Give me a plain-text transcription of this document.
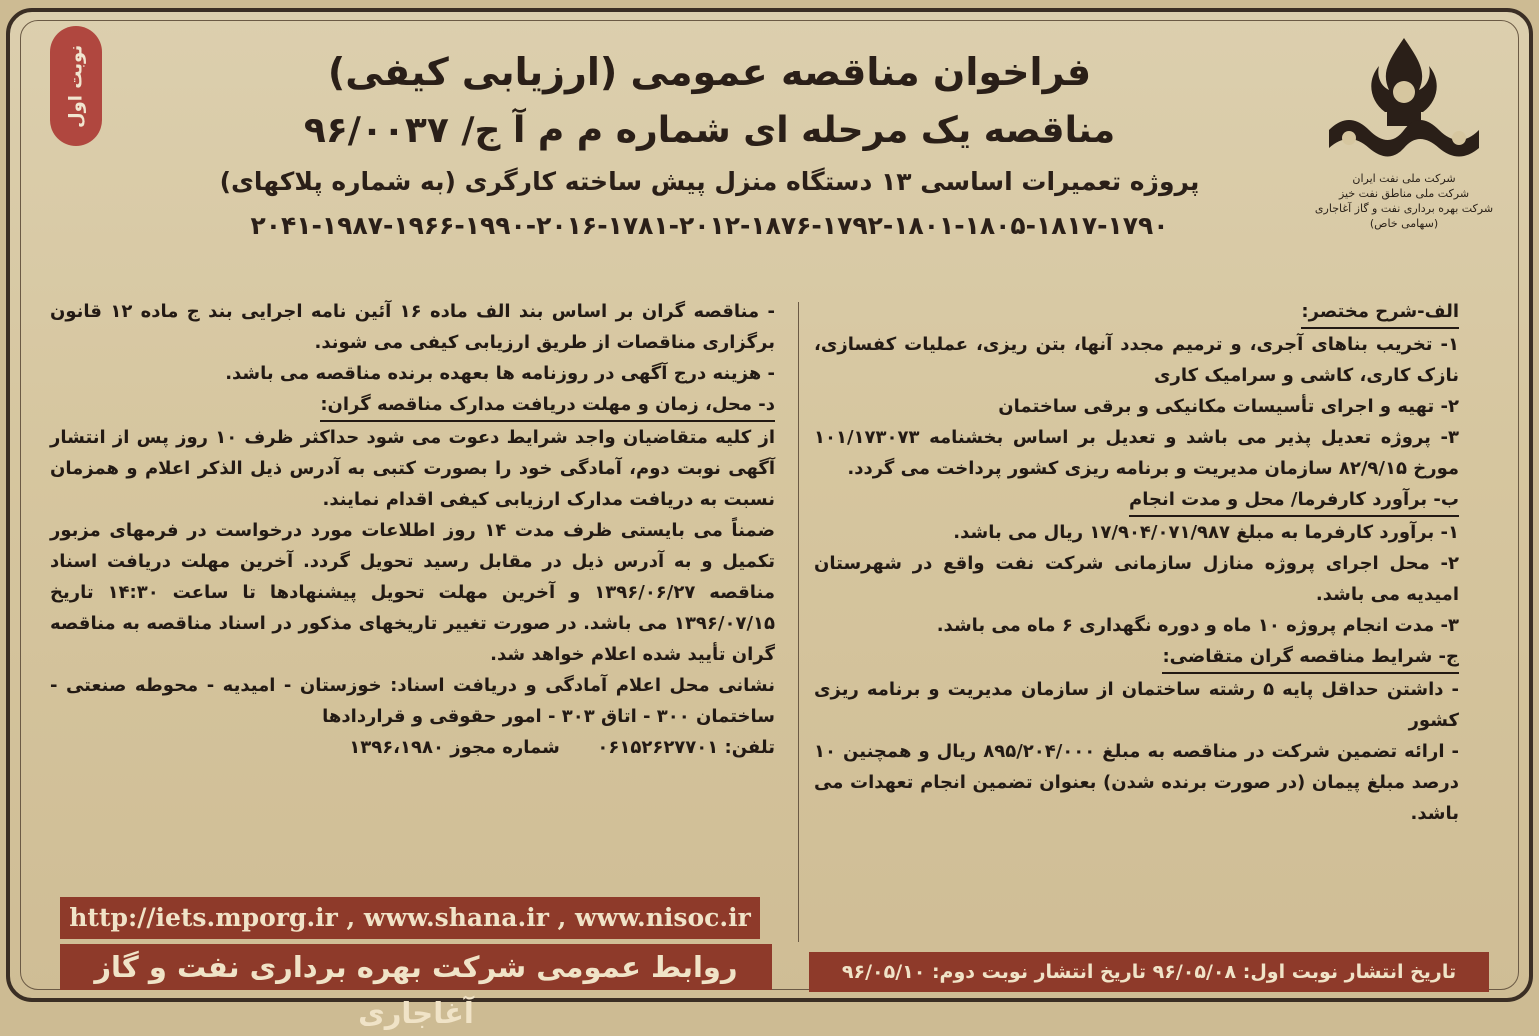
نوبت اول
شرکت ملی نفت ایران
شرکت ملی مناطق نفت خیز
شرکت بهره برداری نفت و گاز آغاجاری
(سهامی خاص)
فراخوان مناقصه عمومی (ارزیابی کیفی)
مناقصه یک مرحله ای شماره م م آ ج/ ۹۶/۰۰۳۷
پروژه تعمیرات اساسی ۱۳ دستگاه منزل پیش ساخته کارگری (به شماره پلاکهای)
۲۰۴۱-۱۹۸۷-۱۹۶۶-۱۹۹۰-۲۰۱۶-۱۷۸۱-۲۰۱۲-۱۸۷۶-۱۷۹۲-۱۸۰۱-۱۸۰۵-۱۸۱۷-۱۷۹۰

الف-شرح مختصر:

۱- تخریب بناهای آجری، و ترمیم مجدد آنها، بتن ریزی، عملیات کفسازی، نازک کاری، کاشی و سرامیک کاری

۲- تهیه و اجرای تأسیسات مکانیکی و برقی ساختمان

۳- پروژه تعدیل پذیر می باشد و تعدیل بر اساس بخشنامه ۱۰۱/۱۷۳۰۷۳ مورخ ۸۲/۹/۱۵ سازمان مدیریت و برنامه ریزی کشور پرداخت می گردد.

ب- برآورد کارفرما/ محل و مدت انجام

۱- برآورد کارفرما به مبلغ ۱۷/۹۰۴/۰۷۱/۹۸۷ ریال می باشد.

۲- محل اجرای پروژه منازل سازمانی شرکت نفت واقع در شهرستان امیدیه می باشد.

۳- مدت انجام پروژه ۱۰ ماه و دوره نگهداری ۶ ماه می باشد.

ج- شرایط مناقصه گران متقاضی:

- داشتن حداقل پایه ۵ رشته ساختمان از سازمان مدیریت و برنامه ریزی کشور

- ارائه تضمین شرکت در مناقصه به مبلغ ۸۹۵/۲۰۴/۰۰۰ ریال و همچنین ۱۰ درصد مبلغ پیمان (در صورت برنده شدن) بعنوان تضمین انجام تعهدات می باشد.

- مناقصه گران بر اساس بند الف ماده ۱۶ آئین نامه اجرایی بند ج ماده ۱۲ قانون برگزاری مناقصات از طریق ارزیابی کیفی می شوند.

- هزینه درج آگهی در روزنامه ها بعهده برنده مناقصه می باشد.

د- محل، زمان و مهلت دریافت مدارک مناقصه گران:

از کلیه متقاضیان واجد شرایط دعوت می شود حداکثر ظرف ۱۰ روز پس از انتشار آگهی نوبت دوم، آمادگی خود را بصورت کتبی به آدرس ذیل الذکر اعلام و همزمان نسبت به دریافت مدارک ارزیابی کیفی اقدام نمایند.

ضمناً می بایستی ظرف مدت ۱۴ روز اطلاعات مورد درخواست در فرمهای مزبور تکمیل و به آدرس ذیل در مقابل رسید تحویل گردد. آخرین مهلت دریافت اسناد مناقصه ۱۳۹۶/۰۶/۲۷ و آخرین مهلت تحویل پیشنهادها تا ساعت ۱۴:۳۰ تاریخ ۱۳۹۶/۰۷/۱۵ می باشد. در صورت تغییر تاریخهای مذکور در اسناد مناقصه به مناقصه گران تأیید شده اعلام خواهد شد.

نشانی محل اعلام آمادگی و دریافت اسناد: خوزستان - امیدیه - محوطه صنعتی - ساختمان ۳۰۰ - اتاق ۳۰۳ - امور حقوقی و قراردادها

تلفن: ۰۶۱۵۲۶۲۷۷۰۱      شماره مجوز ۱۳۹۶،۱۹۸۰

http://iets.mporg.ir , www.shana.ir , www.nisoc.ir
روابط عمومی شرکت بهره برداری نفت و گاز آغاجاری
تاریخ انتشار نوبت اول: ۹۶/۰۵/۰۸ تاریخ انتشار نوبت دوم: ۹۶/۰۵/۱۰
